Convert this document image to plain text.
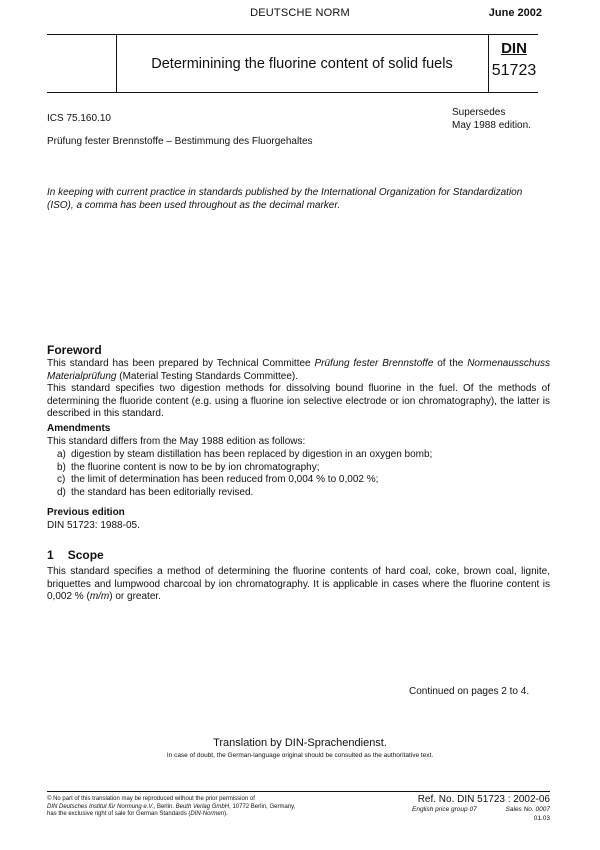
DEUTSCHE NORM	June 2002
Determinining the fluorine content of solid fuels
DIN
51723
ICS 75.160.10
Supersedes
May 1988 edition.
Prüfung fester Brennstoffe – Bestimmung des Fluorgehaltes
In keeping with current practice in standards published by the International Organization for Standardization (ISO), a comma has been used throughout as the decimal marker.
Foreword
This standard has been prepared by Technical Committee Prüfung fester Brennstoffe of the Normenausschuss Materialprüfung (Material Testing Standards Committee).
This standard specifies two digestion methods for dissolving bound fluorine in the fuel. Of the methods of determining the fluoride content (e.g. using a fluorine ion selective electrode or ion chromatography), the latter is described in this standard.
Amendments
This standard differs from the May 1988 edition as follows:
a) digestion by steam distillation has been replaced by digestion in an oxygen bomb;
b) the fluorine content is now to be by ion chromatography;
c) the limit of determination has been reduced from 0,004 % to 0,002 %;
d) the standard has been editorially revised.
Previous edition
DIN 51723: 1988-05.
1 Scope
This standard specifies a method of determining the fluorine contents of hard coal, coke, brown coal, lignite, briquettes and lumpwood charcoal by ion chromatography. It is applicable in cases where the fluorine content is 0,002 % (m/m) or greater.
Continued on pages 2 to 4.
Translation by DIN-Sprachendienst.
In case of doubt, the German-language original should be consulted as the authoritative text.
© No part of this translation may be reproduced without the prior permission of
DIN Deutsches Institut für Normung e.V., Berlin. Beuth Verlag GmbH, 10772 Berlin, Germany,
has the exclusive right of sale for German Standards (DIN-Normen).
Ref. No. DIN 51723 : 2002-06
English price group 07	Sales No. 0007
01.03
